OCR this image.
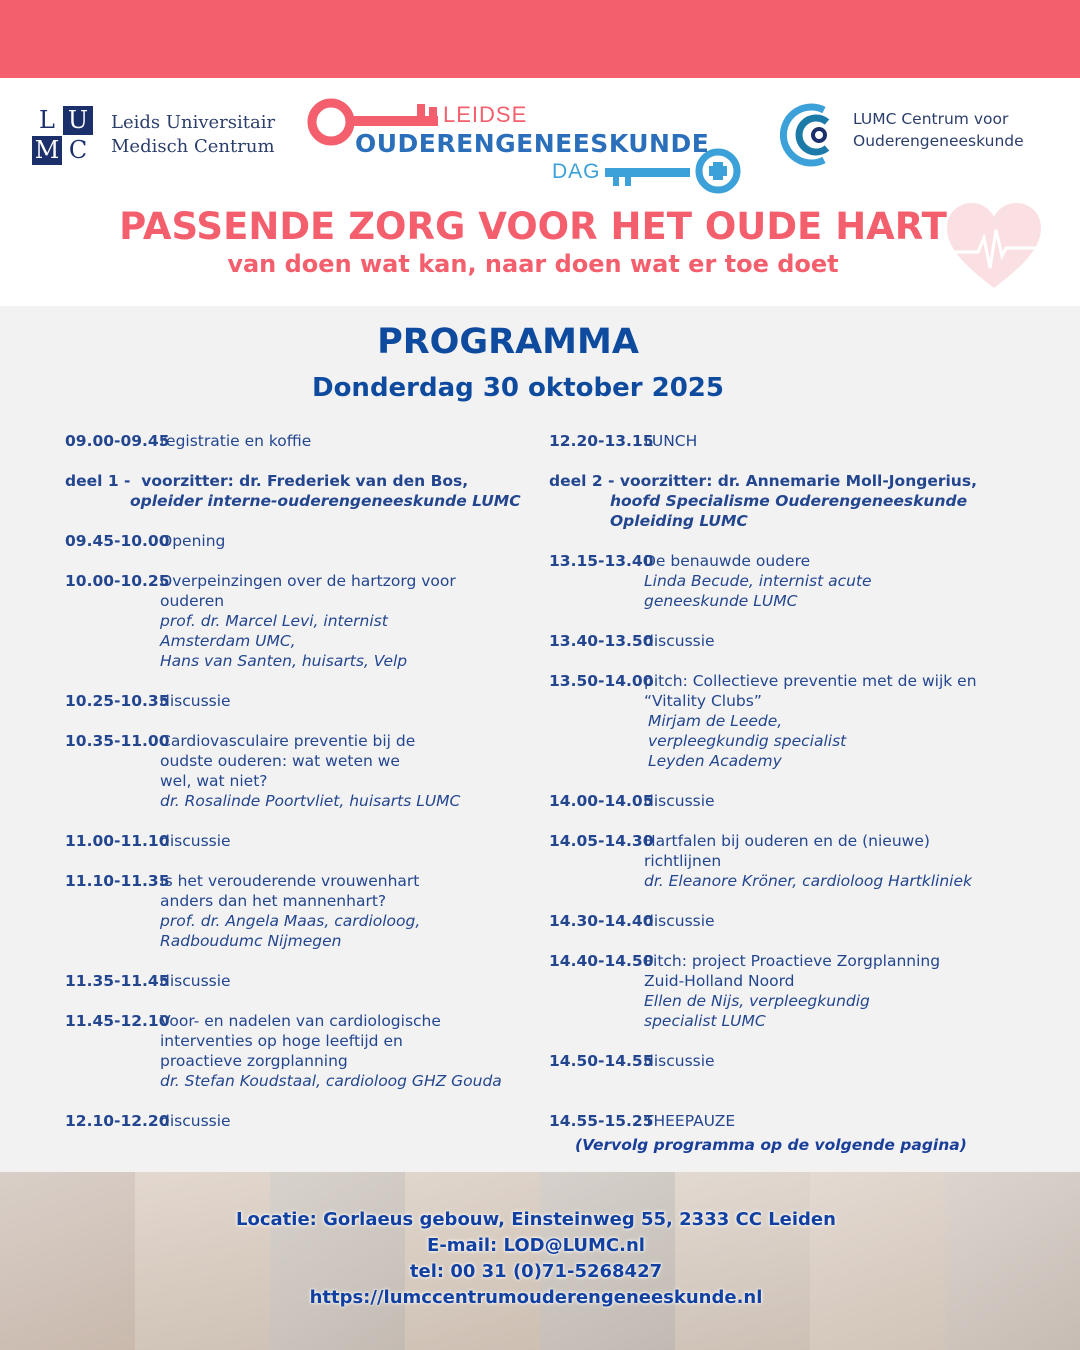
L U
M C
Leids Universitair
Medisch Centrum
LEIDSE
OUDERENGENEESKUNDE
DAG
LUMC Centrum voor
Ouderengeneeskunde
PASSENDE ZORG VOOR HET OUDE HART
van doen wat kan, naar doen wat er toe doet
PROGRAMMA
Donderdag 30 oktober 2025
09.00-09.45
registratie en koffie
deel 1 -  voorzitter: dr. Frederiek van den Bos,
opleider interne-ouderengeneeskunde LUMC
09.45-10.00
Opening
10.00-10.25
Overpeinzingen over de hartzorg voor ouderen
prof. dr. Marcel Levi, internist Amsterdam UMC,
Hans van Santen, huisarts, Velp
10.25-10.35
discussie
10.35-11.00
Cardiovasculaire preventie bij de oudste ouderen: wat weten we wel, wat niet?
dr. Rosalinde Poortvliet, huisarts LUMC
11.00-11.10
discussie
11.10-11.35
Is het verouderende vrouwenhart anders dan het mannenhart?
prof. dr. Angela Maas, cardioloog, Radboudumc Nijmegen
11.35-11.45
discussie
11.45-12.10
Voor- en nadelen van cardiologische interventies op hoge leeftijd en proactieve zorgplanning
dr. Stefan Koudstaal, cardioloog GHZ Gouda
12.10-12.20
discussie
12.20-13.15
LUNCH
deel 2 - voorzitter: dr. Annemarie Moll-Jongerius,
hoofd Specialisme Ouderengeneeskunde
Opleiding LUMC
13.15-13.40
De benauwde oudere
Linda Becude, internist acute geneeskunde LUMC
13.40-13.50
discussie
13.50-14.00
pitch: Collectieve preventie met de wijk en “Vitality Clubs”
Mirjam de Leede, verpleegkundig specialist Leyden Academy
14.00-14.05
discussie
14.05-14.30
Hartfalen bij ouderen en de (nieuwe) richtlijnen
dr. Eleanore Kröner, cardioloog Hartkliniek
14.30-14.40
discussie
14.40-14.50
Pitch: project Proactieve Zorgplanning Zuid-Holland Noord
Ellen de Nijs, verpleegkundig specialist LUMC
14.50-14.55
discussie
14.55-15.25
THEEPAUZE
(Vervolg programma op de volgende pagina)
Locatie: Gorlaeus gebouw, Einsteinweg 55, 2333 CC Leiden
E-mail: LOD@LUMC.nl
tel: 00 31 (0)71-5268427
https://lumccentrumouderengeneeskunde.nl
